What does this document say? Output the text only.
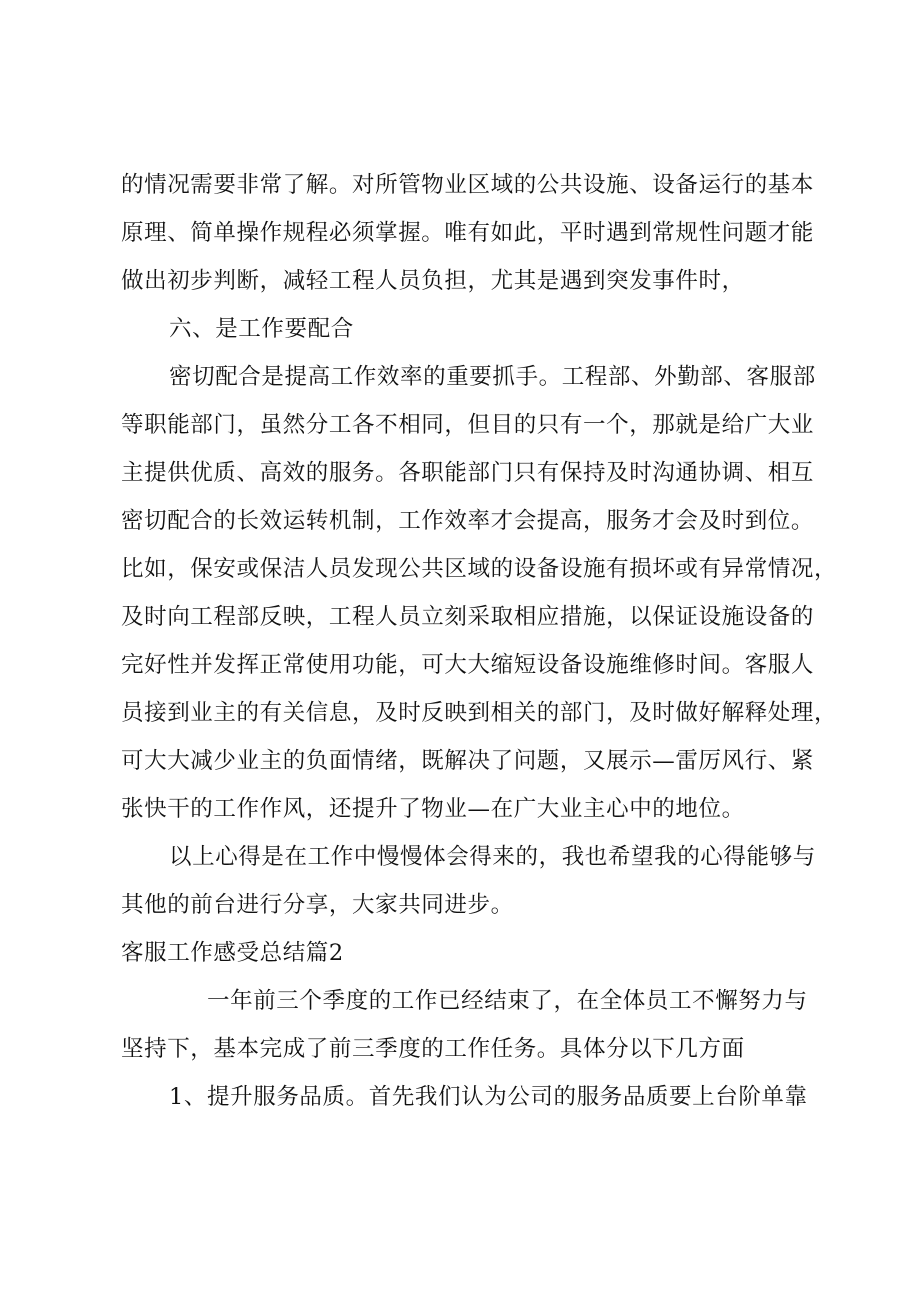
的情况需要非常了解。对所管物业区域的公共设施、设备运行的基本
原理、简单操作规程必须掌握。唯有如此，平时遇到常规性问题才能
做出初步判断，减轻工程人员负担，尤其是遇到突发事件时，
六、是工作要配合
密切配合是提高工作效率的重要抓手。工程部、外勤部、客服部
等职能部门，虽然分工各不相同，但目的只有一个，那就是给广大业
主提供优质、高效的服务。各职能部门只有保持及时沟通协调、相互
密切配合的长效运转机制，工作效率才会提高，服务才会及时到位。
比如，保安或保洁人员发现公共区域的设备设施有损坏或有异常情况，
及时向工程部反映，工程人员立刻采取相应措施，以保证设施设备的
完好性并发挥正常使用功能，可大大缩短设备设施维修时间。客服人
员接到业主的有关信息，及时反映到相关的部门，及时做好解释处理，
可大大减少业主的负面情绪，既解决了问题，又展示—雷厉风行、紧
张快干的工作作风，还提升了物业—在广大业主心中的地位。
以上心得是在工作中慢慢体会得来的，我也希望我的心得能够与
其他的前台进行分享，大家共同进步。
客服工作感受总结篇2
一年前三个季度的工作已经结束了，在全体员工不懈努力与
坚持下，基本完成了前三季度的工作任务。具体分以下几方面
1、提升服务品质。首先我们认为公司的服务品质要上台阶单靠
